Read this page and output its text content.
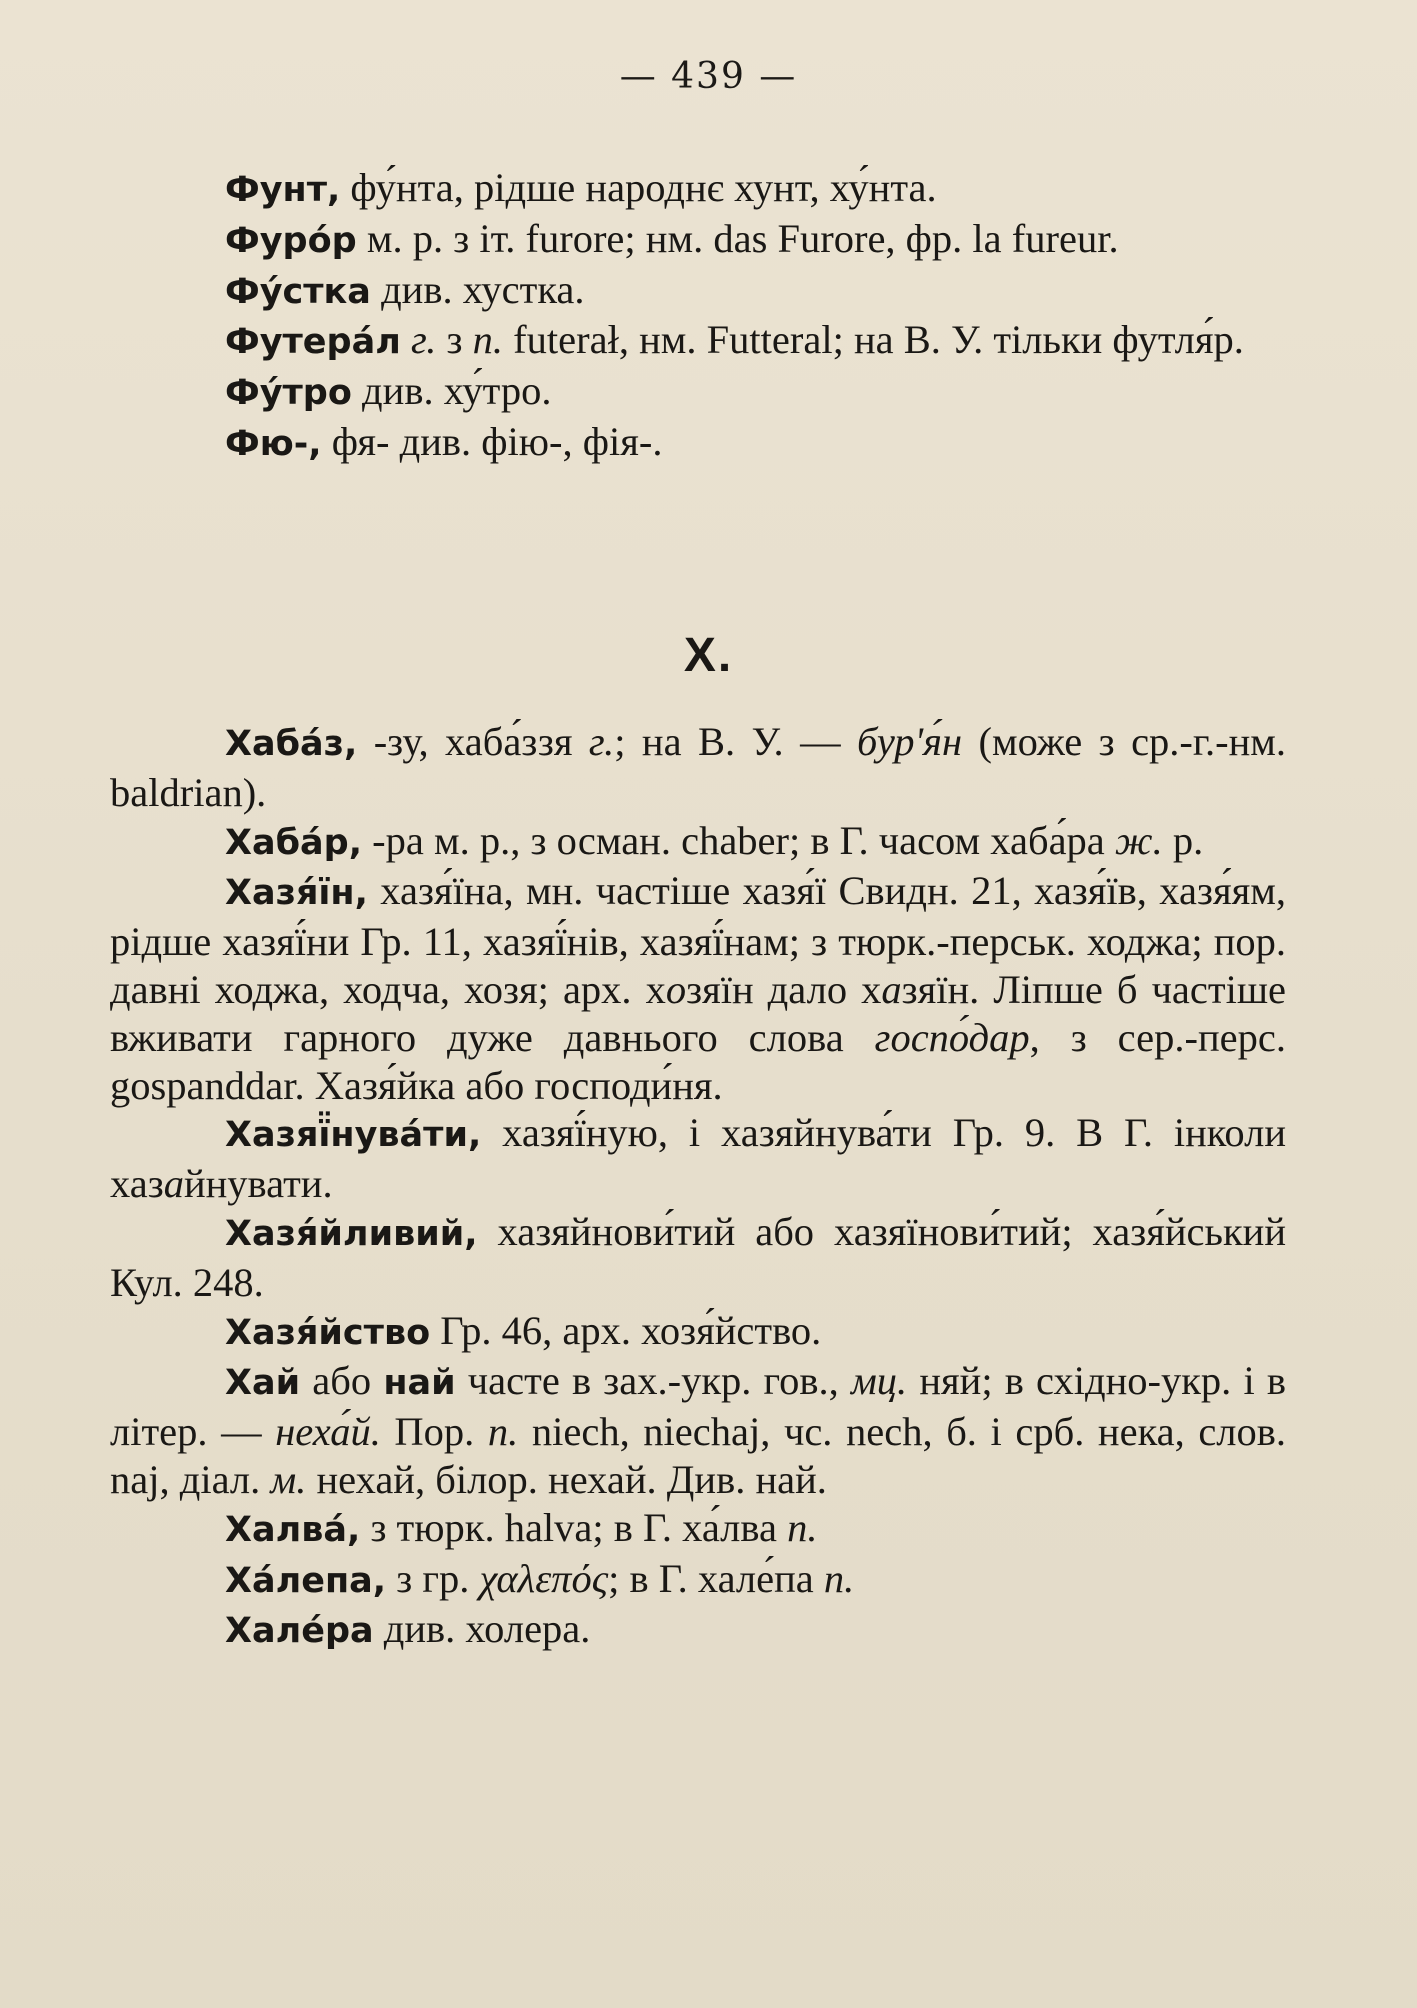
— 439 —

Фунт, фу́нта, рідше народнє хунт, ху́нта.

Фуро́р м. р. з іт. furore; нм. das Furore, фр. la fureur.

Фу́стка див. хустка.

Футера́л г. з п. futerał, нм. Futteral; на В. У. тільки футля́р.

Фу́тро див. ху́тро.

Фю-, фя- див. фію-, фія-.

X.

Хаба́з, -зу, хаба́ззя г.; на В. У. — бур'я́н (може з ср.-г.-нм. baldrian).

Хаба́р, -ра м. р., з осман. chaber; в Г. часом хаба́ра ж. р.

Хазя́їн, хазя́їна, мн. частіше хазя́ї Свидн. 21, хазя́їв, хазя́ям, рідше хазяї́ни Гр. 11, хазяї́нів, хазяї́нам; з тюрк.-перськ. ходжа; пор. давні ходжа, ходча, хозя; арх. хозяїн дало хазяїн. Ліпше б частіше вживати гарного дуже давнього слова госпо́дар, з сер.-перс. gospanddar. Хазя́йка або господи́ня.

Хазяї̈нува́ти, хазяї́ную, і хазяйнува́ти Гр. 9. В Г. інколи хазайнувати.

Хазя́йливий, хазяйнови́тий або хазяїнови́тий; хазя́йський Кул. 248.

Хазя́йство Гр. 46, арх. хозя́йство.

Хай або най часте в зах.-укр. гов., мц. няй; в східно-укр. і в літер. — неха́й. Пор. п. niech, niechaj, чс. nech, б. і срб. нека, слов. naj, діал. м. нехай, білор. нехай. Див. най.

Халва́, з тюрк. halva; в Г. ха́лва п.

Ха́лепа, з гр. χαλεπός; в Г. хале́па п.

Хале́ра див. холера.
